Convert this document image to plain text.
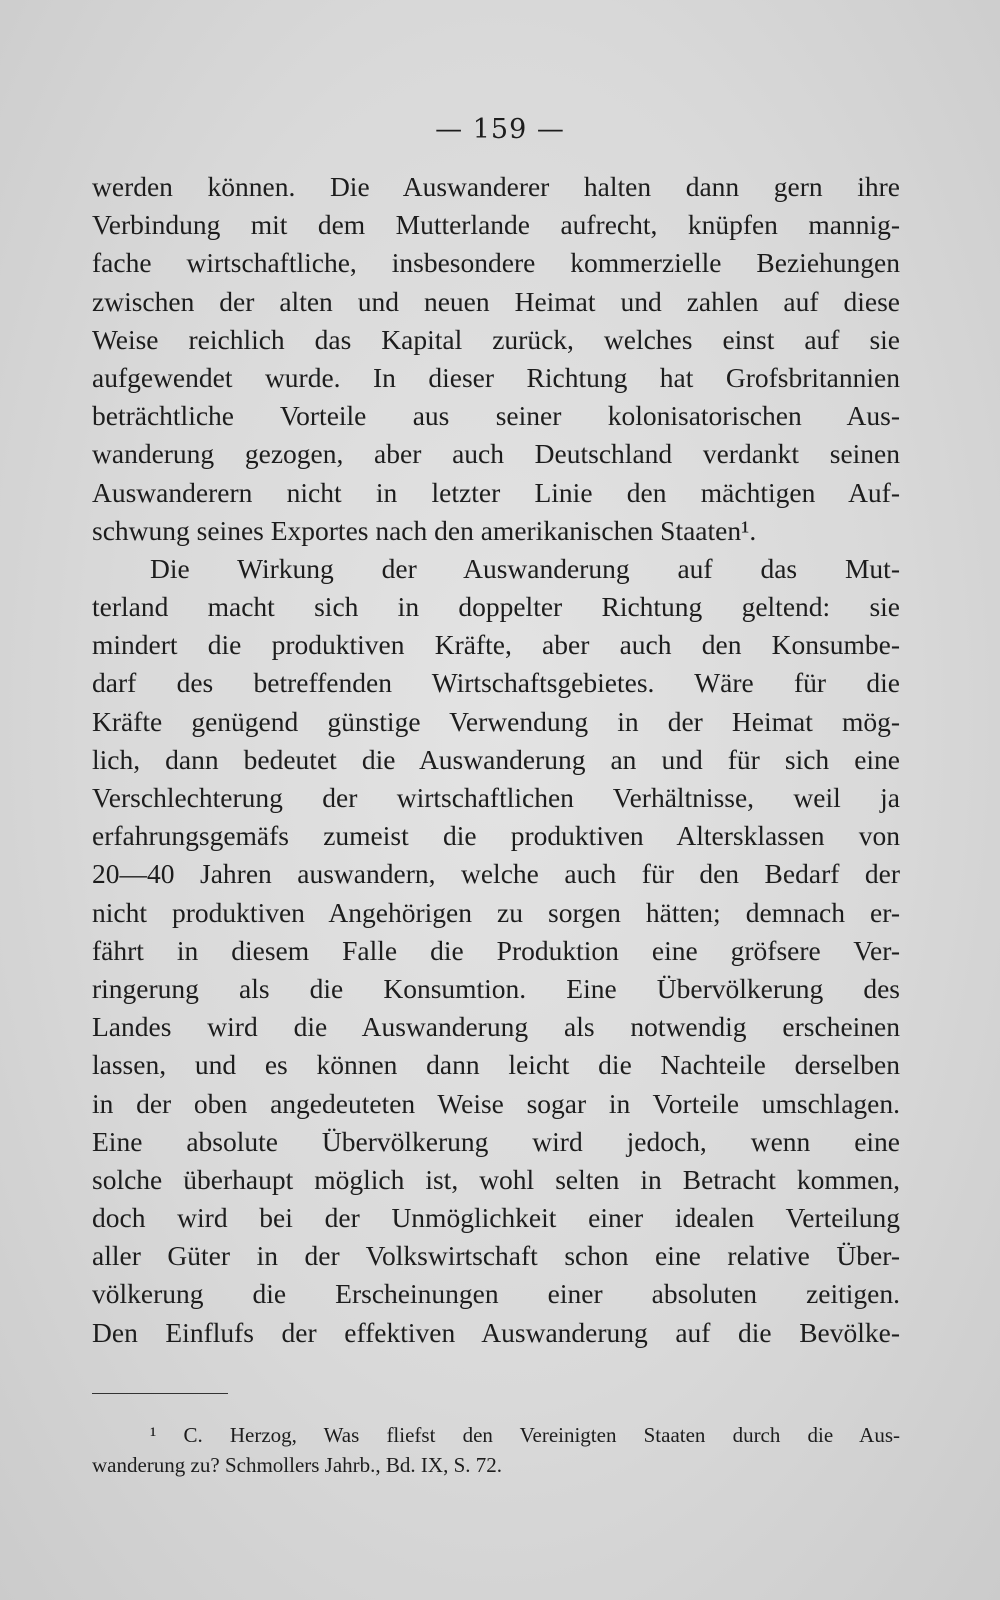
— 159 —
werden können. Die Auswanderer halten dann gern ihre
Verbindung mit dem Mutterlande aufrecht, knüpfen mannig-
fache wirtschaftliche, insbesondere kommerzielle Beziehungen
zwischen der alten und neuen Heimat und zahlen auf diese
Weise reichlich das Kapital zurück, welches einst auf sie
aufgewendet wurde. In dieser Richtung hat Grofsbritannien
beträchtliche Vorteile aus seiner kolonisatorischen Aus-
wanderung gezogen, aber auch Deutschland verdankt seinen
Auswanderern nicht in letzter Linie den mächtigen Auf-
schwung seines Exportes nach den amerikanischen Staaten¹.
Die Wirkung der Auswanderung auf das Mut-
terland macht sich in doppelter Richtung geltend: sie
mindert die produktiven Kräfte, aber auch den Konsumbe-
darf des betreffenden Wirtschaftsgebietes. Wäre für die
Kräfte genügend günstige Verwendung in der Heimat mög-
lich, dann bedeutet die Auswanderung an und für sich eine
Verschlechterung der wirtschaftlichen Verhältnisse, weil ja
erfahrungsgemäfs zumeist die produktiven Altersklassen von
20—40 Jahren auswandern, welche auch für den Bedarf der
nicht produktiven Angehörigen zu sorgen hätten; demnach er-
fährt in diesem Falle die Produktion eine gröfsere Ver-
ringerung als die Konsumtion. Eine Übervölkerung des
Landes wird die Auswanderung als notwendig erscheinen
lassen, und es können dann leicht die Nachteile derselben
in der oben angedeuteten Weise sogar in Vorteile umschlagen.
Eine absolute Übervölkerung wird jedoch, wenn eine
solche überhaupt möglich ist, wohl selten in Betracht kommen,
doch wird bei der Unmöglichkeit einer idealen Verteilung
aller Güter in der Volkswirtschaft schon eine relative Über-
völkerung die Erscheinungen einer absoluten zeitigen.
Den Einflufs der effektiven Auswanderung auf die Bevölke-
¹ C. Herzog, Was fliefst den Vereinigten Staaten durch die Aus-
wanderung zu? Schmollers Jahrb., Bd. IX, S. 72.
